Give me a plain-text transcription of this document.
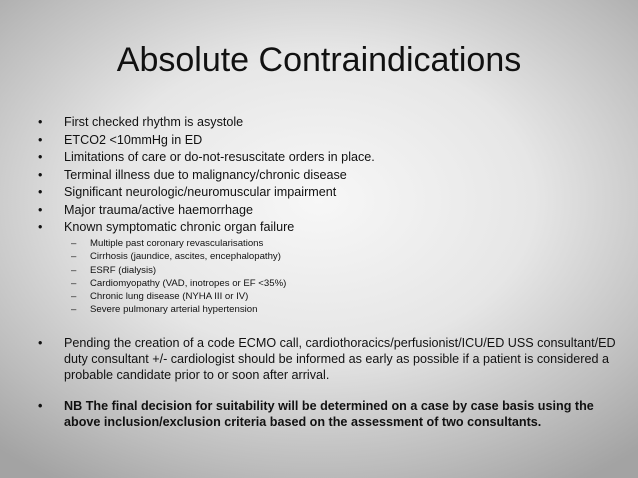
Absolute Contraindications
•	First checked rhythm is asystole
•	ETCO2 <10mmHg in ED
•	Limitations of care or do-not-resuscitate orders in place.
•	Terminal illness due to malignancy/chronic disease
•	Significant neurologic/neuromuscular impairment
•	Major trauma/active haemorrhage
•	Known symptomatic chronic organ failure
– Multiple past coronary revascularisations
– Cirrhosis (jaundice, ascites, encephalopathy)
– ESRF (dialysis)
– Cardiomyopathy (VAD, inotropes or EF <35%)
– Chronic lung disease (NYHA III or IV)
– Severe pulmonary arterial hypertension
•	Pending the creation of a code ECMO call, cardiothoracics/perfusionist/ICU/ED USS consultant/ED duty consultant +/- cardiologist should be informed as early as possible if a patient is considered a probable candidate prior to or soon after arrival.
•	NB The final decision for suitability will be determined on a case by case basis using the above inclusion/exclusion criteria based on the assessment of two consultants.
